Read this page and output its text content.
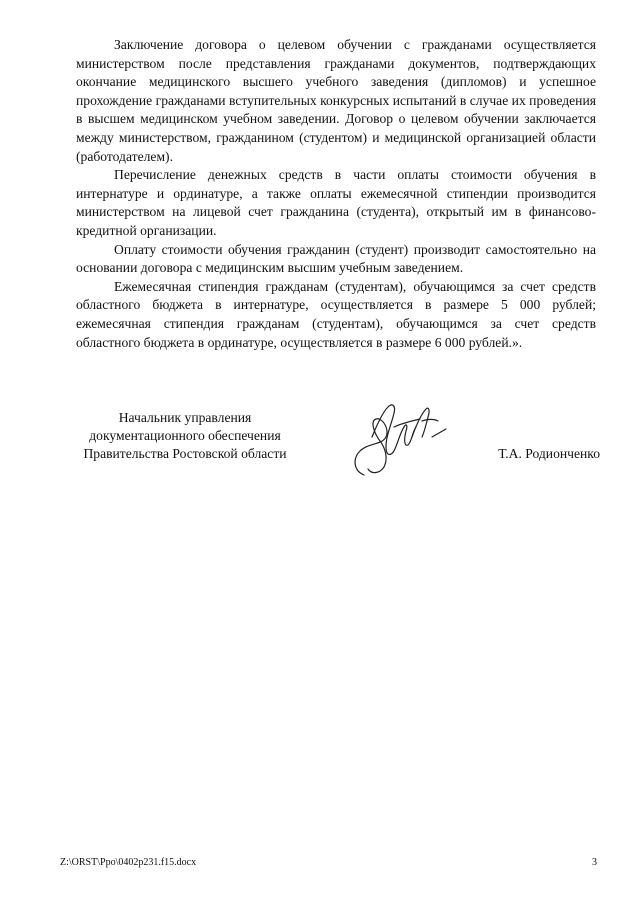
Заключение договора о целевом обучении с гражданами осуществляется министерством после представления гражданами документов, подтверждающих окончание медицинского высшего учебного заведения (дипломов) и успешное прохождение гражданами вступительных конкурсных испытаний в случае их проведения в высшем медицинском учебном заведении. Договор о целевом обучении заключается между министерством, гражданином (студентом) и медицинской организацией области (работодателем).

Перечисление денежных средств в части оплаты стоимости обучения в интернатуре и ординатуре, а также оплаты ежемесячной стипендии производится министерством на лицевой счет гражданина (студента), открытый им в финансово-кредитной организации.

Оплату стоимости обучения гражданин (студент) производит самостоятельно на основании договора с медицинским высшим учебным заведением.

Ежемесячная стипендия гражданам (студентам), обучающимся за счет средств областного бюджета в интернатуре, осуществляется в размере 5 000 рублей; ежемесячная стипендия гражданам (студентам), обучающимся за счет средств областного бюджета в ординатуре, осуществляется в размере 6 000 рублей.».

Начальник управления
документационного обеспечения
Правительства Ростовской области	Т.А. Родионченко
Z:\ORST\Ppo\0402p231.f15.docx	3
